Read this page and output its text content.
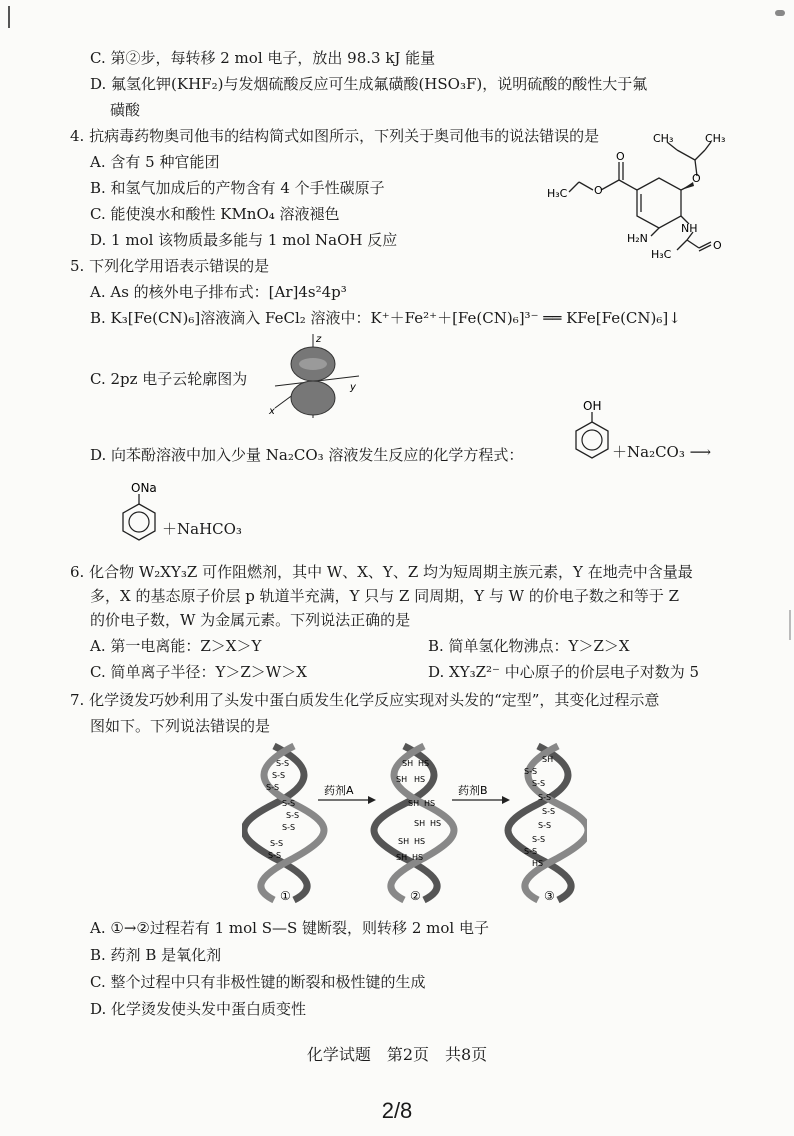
C. 第②步，每转移 2 mol 电子，放出 98.3 kJ 能量
D. 氟氢化钾(KHF₂)与发烟硫酸反应可生成氟磺酸(HSO₃F)，说明硫酸的酸性大于氟
磺酸
4. 抗病毒药物奥司他韦的结构简式如图所示，下列关于奥司他韦的说法错误的是
A. 含有 5 种官能团
B. 和氢气加成后的产物含有 4 个手性碳原子
C. 能使溴水和酸性 KMnO₄ 溶液褪色
D. 1 mol 该物质最多能与 1 mol NaOH 反应
H₃C O
O
O
CH₃	CH₃
NH
O
H₂N
H₃C
5. 下列化学用语表示错误的是
A. As 的核外电子排布式：[Ar]4s²4p³
B. K₃[Fe(CN)₆]溶液滴入 FeCl₂ 溶液中：K⁺＋Fe²⁺＋[Fe(CN)₆]³⁻ ══ KFe[Fe(CN)₆]↓
C. 2pz 电子云轮廓图为
z
y
x
D. 向苯酚溶液中加入少量 Na₂CO₃ 溶液发生反应的化学方程式：
OH
＋Na₂CO₃ ⟶
ONa
＋NaHCO₃
6. 化合物 W₂XY₃Z 可作阻燃剂，其中 W、X、Y、Z 均为短周期主族元素，Y 在地壳中含量最
多，X 的基态原子价层 p 轨道半充满，Y 只与 Z 同周期，Y 与 W 的价电子数之和等于 Z
的价电子数，W 为金属元素。下列说法正确的是
A. 第一电离能：Z＞X＞Y	B. 简单氢化物沸点：Y＞Z＞X
C. 简单离子半径：Y＞Z＞W＞X	D. XY₃Z²⁻ 中心原子的价层电子对数为 5
7. 化学烫发巧妙利用了头发中蛋白质发生化学反应实现对头发的“定型”，其变化过程示意
图如下。下列说法错误的是
S-S
S-S
S-S
S-S
S-S
S-S
S-S
S-S
①
药剂A
SH HS
SH HS
SH HS
SH HS
SH HS
SH HS
②
药剂B
SH
S-S
S-S
S-S
S-S
S-S
S-S
S-S
HS
③
A. ①→②过程若有 1 mol S—S 键断裂，则转移 2 mol 电子
B. 药剂 B 是氧化剂
C. 整个过程中只有非极性键的断裂和极性键的生成
D. 化学烫发使头发中蛋白质变性
化学试题　第2页　共8页
2/8
